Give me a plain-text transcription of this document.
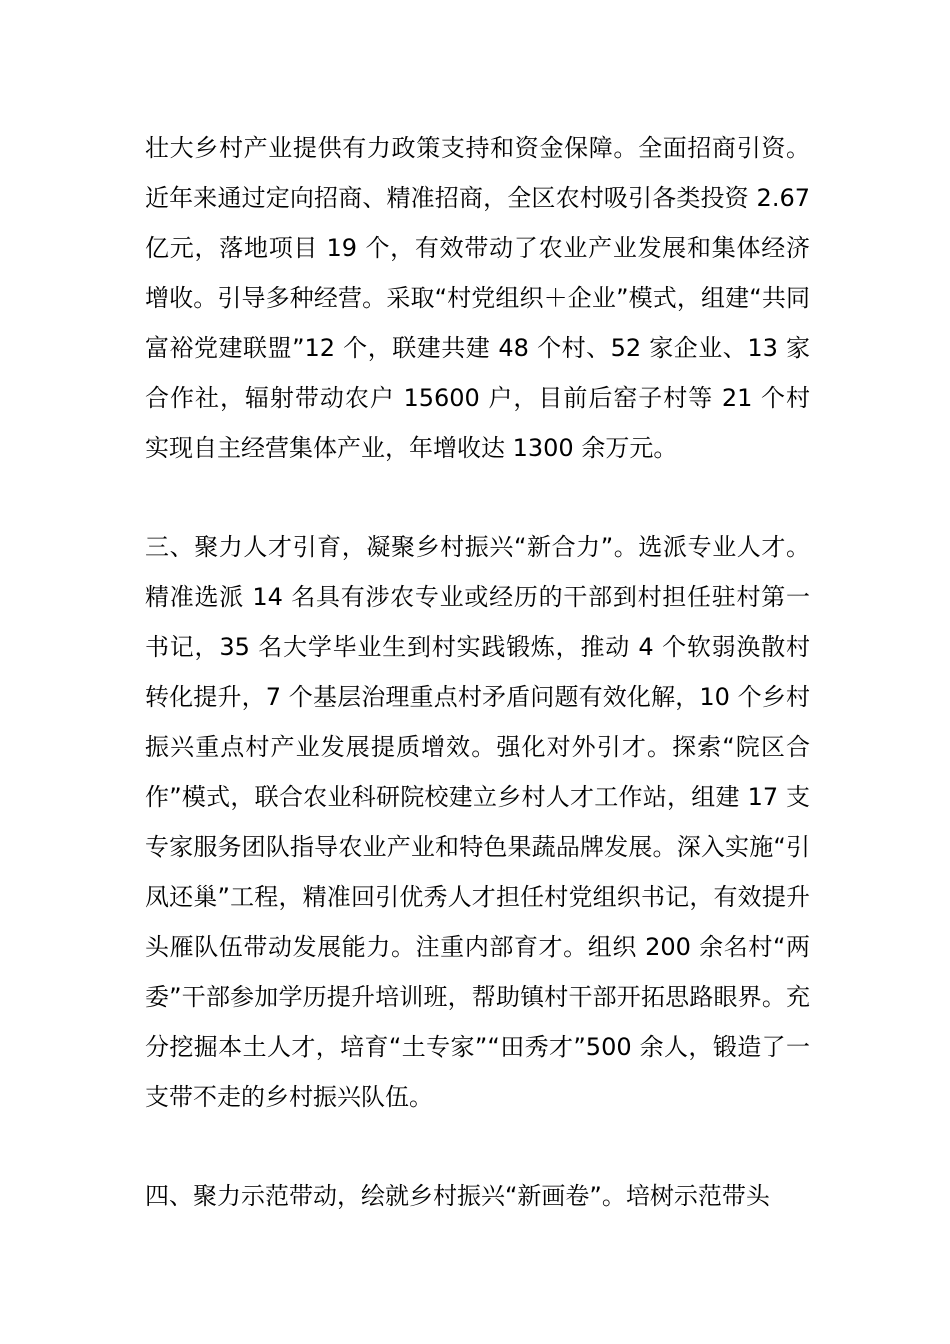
壮大乡村产业提供有力政策支持和资金保障。全面招商引资。近年来通过定向招商、精准招商，全区农村吸引各类投资 2.67 亿元，落地项目 19 个，有效带动了农业产业发展和集体经济增收。引导多种经营。采取“村党组织＋企业”模式，组建“共同富裕党建联盟”12 个，联建共建 48 个村、52 家企业、13 家合作社，辐射带动农户 15600 户，目前后窑子村等 21 个村实现自主经营集体产业，年增收达 1300 余万元。

三、聚力人才引育，凝聚乡村振兴“新合力”。选派专业人才。精准选派 14 名具有涉农专业或经历的干部到村担任驻村第一书记，35 名大学毕业生到村实践锻炼，推动 4 个软弱涣散村转化提升，7 个基层治理重点村矛盾问题有效化解，10 个乡村振兴重点村产业发展提质增效。强化对外引才。探索“院区合作”模式，联合农业科研院校建立乡村人才工作站，组建 17 支专家服务团队指导农业产业和特色果蔬品牌发展。深入实施“引凤还巢”工程，精准回引优秀人才担任村党组织书记，有效提升头雁队伍带动发展能力。注重内部育才。组织 200 余名村“两委”干部参加学历提升培训班，帮助镇村干部开拓思路眼界。充分挖掘本土人才，培育“土专家”“田秀才”500 余人，锻造了一支带不走的乡村振兴队伍。

四、聚力示范带动，绘就乡村振兴“新画卷”。培树示范带头
